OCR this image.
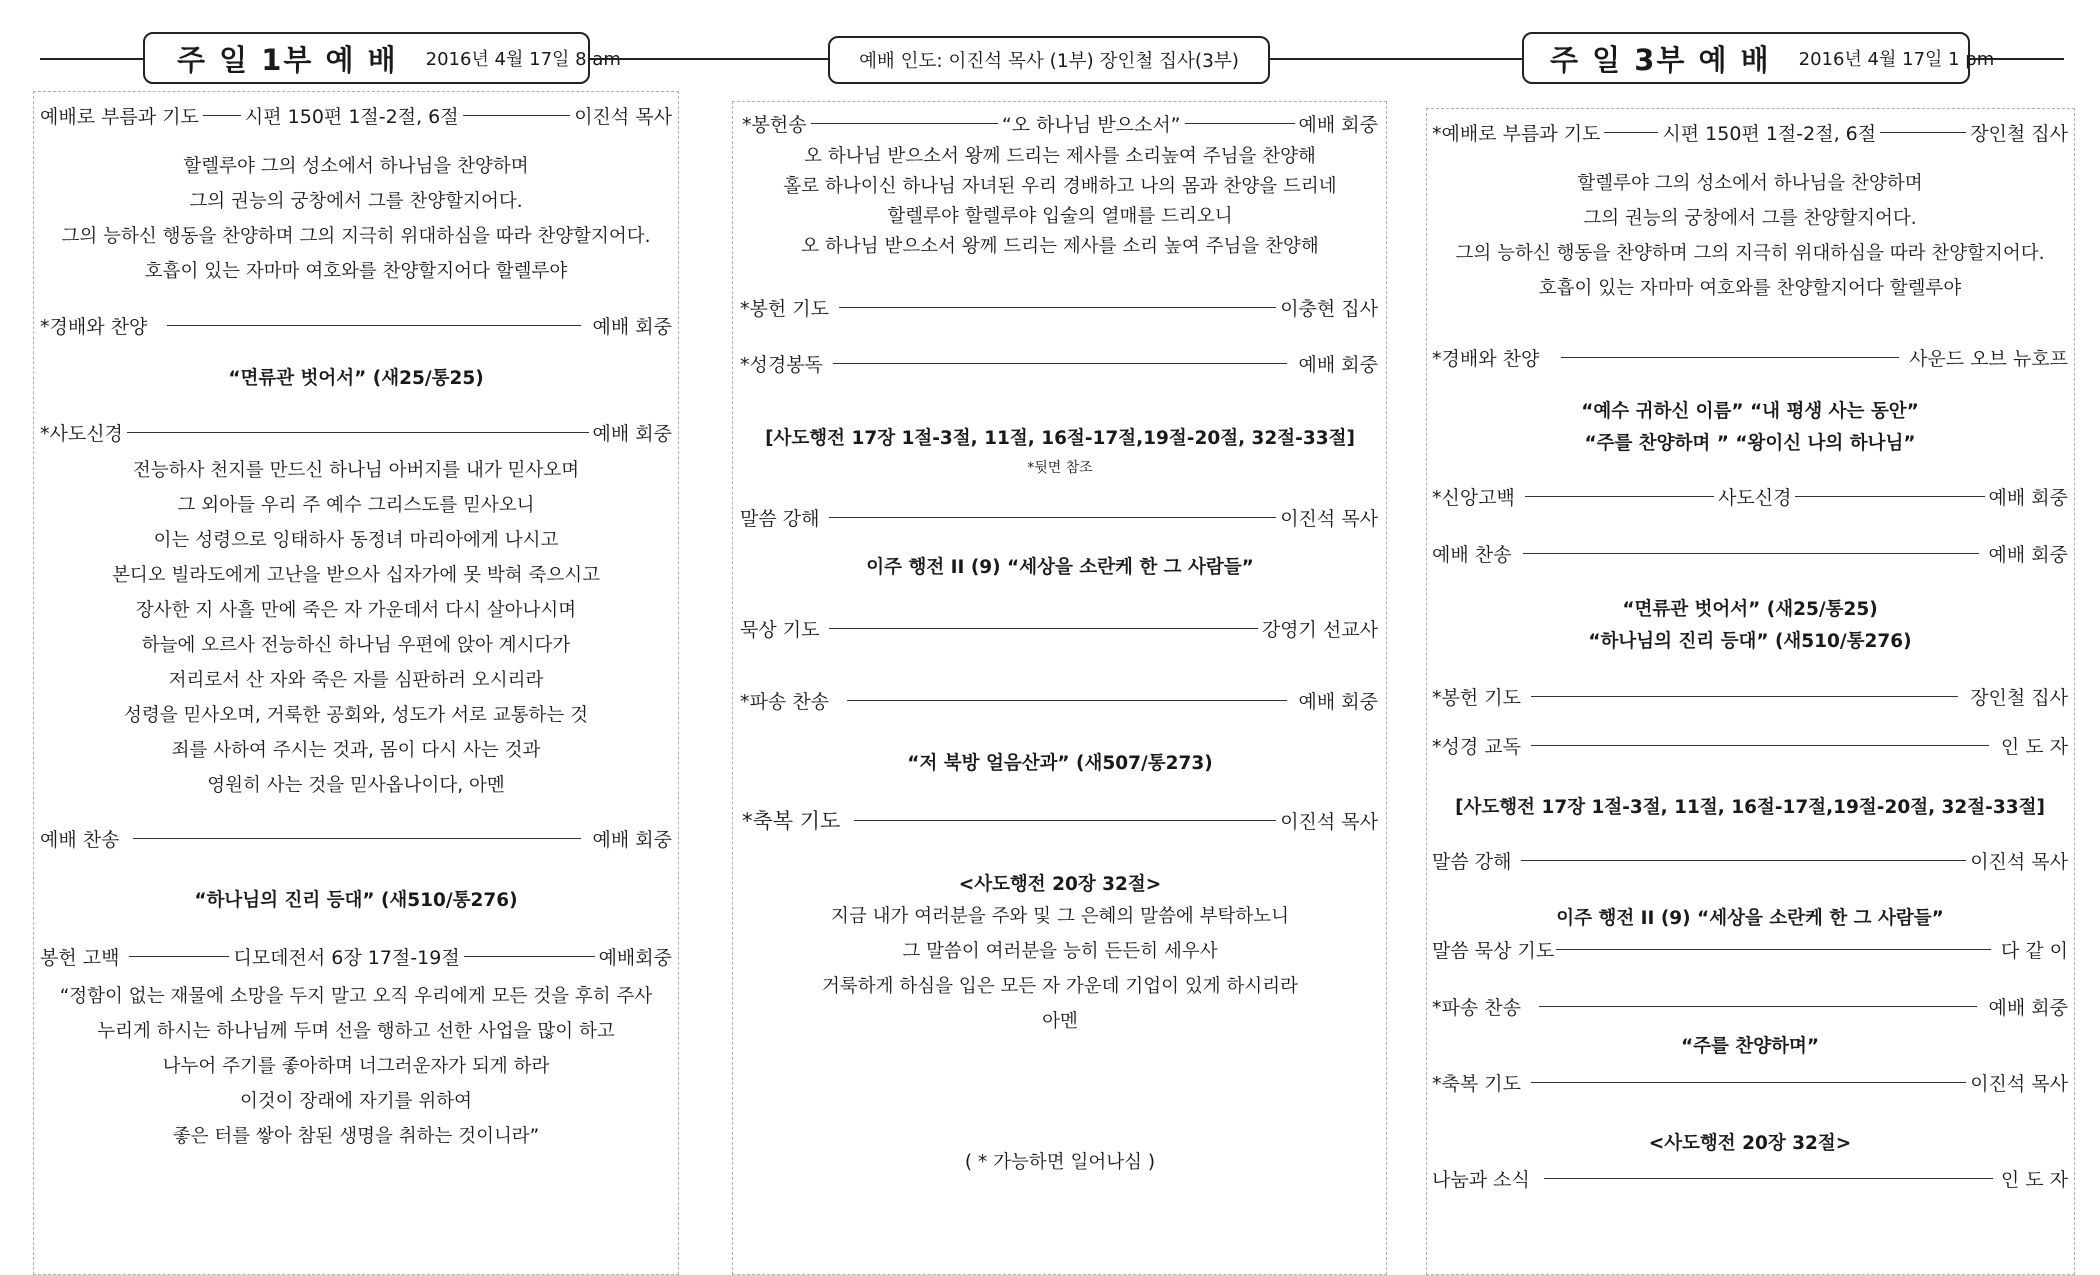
주 일 1부 예 배 2016년 4월 17일 8 am	예배 인도: 이진석 목사 (1부) 장인철 집사(3부)	주 일 3부 예 배 2016년 4월 17일 1 pm
예배로 부름과 기도 시편 150편 1절-2절, 6절	이진석 목사
할렐루야 그의 성소에서 하나님을 찬양하며
그의 권능의 궁창에서 그를 찬양할지어다.
그의 능하신 행동을 찬양하며 그의 지극히 위대하심을 따라 찬양할지어다.
호흡이 있는 자마마 여호와를 찬양할지어다 할렐루야
*경배와 찬양	예배 회중
“면류관 벗어서” (새25/통25)
*사도신경	예배 회중
전능하사 천지를 만드신 하나님 아버지를 내가 믿사오며
그 외아들 우리 주 예수 그리스도를 믿사오니
이는 성령으로 잉태하사 동정녀 마리아에게 나시고
본디오 빌라도에게 고난을 받으사 십자가에 못 박혀 죽으시고
장사한 지 사흘 만에 죽은 자 가운데서 다시 살아나시며
하늘에 오르사 전능하신 하나님 우편에 앉아 계시다가
저리로서 산 자와 죽은 자를 심판하러 오시리라
성령을 믿사오며, 거룩한 공회와, 성도가 서로 교통하는 것
죄를 사하여 주시는 것과, 몸이 다시 사는 것과
영원히 사는 것을 믿사옵나이다, 아멘
예배 찬송	예배 회중
“하나님의 진리 등대” (새510/통276)
봉헌 고백	디모데전서 6장 17절-19절	예배회중
“정함이 없는 재물에 소망을 두지 말고 오직 우리에게 모든 것을 후히 주사
누리게 하시는 하나님께 두며 선을 행하고 선한 사업을 많이 하고
나누어 주기를 좋아하며 너그러운자가 되게 하라
이것이 장래에 자기를 위하여
좋은 터를 쌓아 참된 생명을 취하는 것이니라”
*봉헌송	“오 하나님 받으소서”	예배 회중
오 하나님 받으소서 왕께 드리는 제사를 소리높여 주님을 찬양해
홀로 하나이신 하나님 자녀된 우리 경배하고 나의 몸과 찬양을 드리네
할렐루야 할렐루야 입술의 열매를 드리오니
오 하나님 받으소서 왕께 드리는 제사를 소리 높여 주님을 찬양해
*봉헌 기도	이충현 집사
*성경봉독	예배 회중
[사도행전 17장 1절-3절, 11절, 16절-17절,19절-20절, 32절-33절]
*뒷면 참조
말씀 강해	이진석 목사
이주 행전 II (9) “세상을 소란케 한 그 사람들”
묵상 기도	강영기 선교사
*파송 찬송	예배 회중
“저 북방 얼음산과” (새507/통273)
*축복 기도	이진석 목사
<사도행전 20장 32절>
지금 내가 여러분을 주와 및 그 은혜의 말씀에 부탁하노니
그 말씀이 여러분을 능히 든든히 세우사
거룩하게 하심을 입은 모든 자 가운데 기업이 있게 하시리라
아멘
( * 가능하면 일어나심 )
*예배로 부름과 기도	시편 150편 1절-2절, 6절	장인철 집사
할렐루야 그의 성소에서 하나님을 찬양하며
그의 권능의 궁창에서 그를 찬양할지어다.
그의 능하신 행동을 찬양하며 그의 지극히 위대하심을 따라 찬양할지어다.
호흡이 있는 자마마 여호와를 찬양할지어다 할렐루야
*경배와 찬양	사운드 오브 뉴호프
“예수 귀하신 이름” “내 평생 사는 동안”
“주를 찬양하며 ” “왕이신 나의 하나님”
*신앙고백	사도신경	예배 회중
예배 찬송	예배 회중
“면류관 벗어서” (새25/통25)
“하나님의 진리 등대” (새510/통276)
*봉헌 기도	장인철 집사
*성경 교독	인 도 자
[사도행전 17장 1절-3절, 11절, 16절-17절,19절-20절, 32절-33절]
말씀 강해	이진석 목사
이주 행전 II (9) “세상을 소란케 한 그 사람들”
말씀 묵상 기도	다 같 이
*파송 찬송	예배 회중
“주를 찬양하며”
*축복 기도	이진석 목사
<사도행전 20장 32절>
나눔과 소식	인 도 자
